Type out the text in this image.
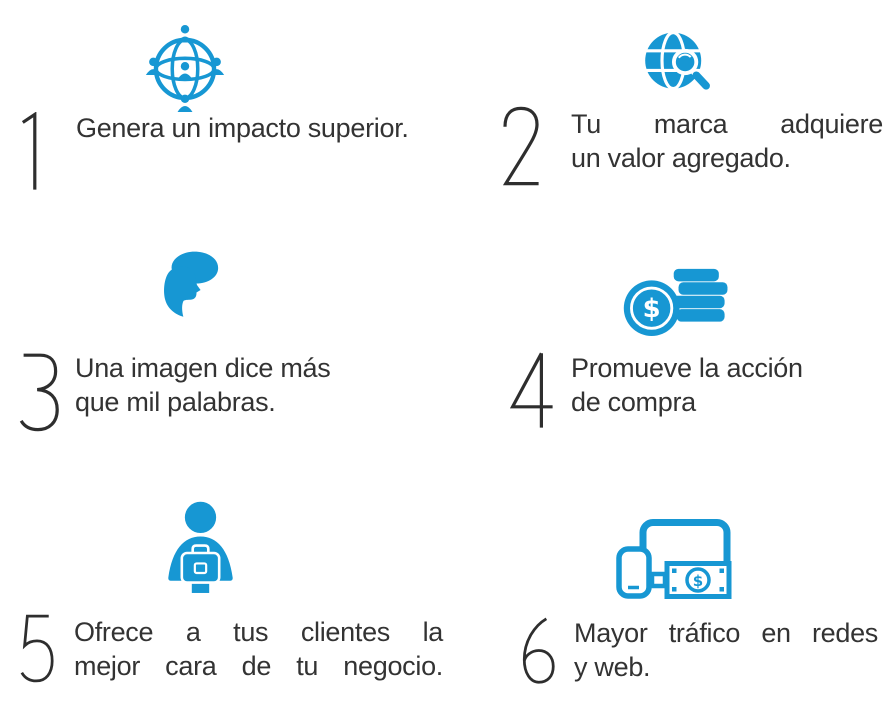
Genera un impacto superior.	Tu marca adquiere
un valor agregado.
Una imagen dice más
que mil palabras.
$
Promueve la acción
de compra
Ofrece a tus clientes la
mejor cara de tu negocio.
$
Mayor tráfico en redes
y web.
